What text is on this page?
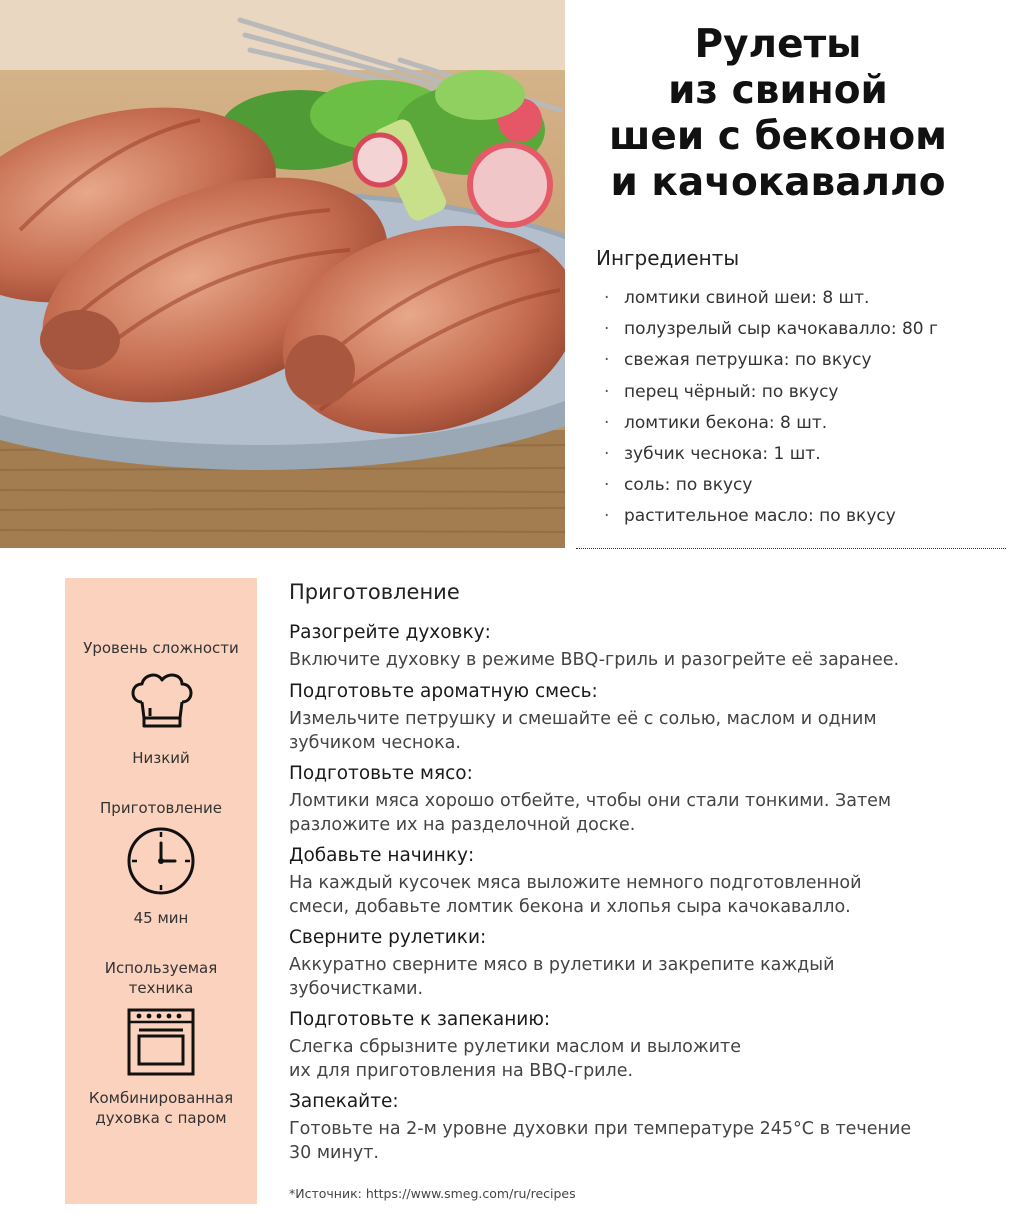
Рулеты
из свиной
шеи с беконом
и качокавалло
Ингредиенты
· ломтики свиной шеи: 8 шт.
· полузрелый сыр качокавалло: 80 г
· свежая петрушка: по вкусу
· перец чёрный: по вкусу
· ломтики бекона: 8 шт.
· зубчик чеснока: 1 шт.
· соль: по вкусу
· растительное масло: по вкусу
Уровень сложности
Низкий
Приготовление
45 мин
Используемая
техника
Комбинированная
духовка с паром
Приготовление
Разогрейте духовку:
Включите духовку в режиме BBQ-гриль и разогрейте её заранее.
Подготовьте ароматную смесь:
Измельчите петрушку и смешайте её с солью, маслом и одним
зубчиком чеснока.
Подготовьте мясо:
Ломтики мяса хорошо отбейте, чтобы они стали тонкими. Затем
разложите их на разделочной доске.
Добавьте начинку:
На каждый кусочек мяса выложите немного подготовленной
смеси, добавьте ломтик бекона и хлопья сыра качокавалло.
Сверните рулетики:
Аккуратно сверните мясо в рулетики и закрепите каждый
зубочистками.
Подготовьте к запеканию:
Слегка сбрызните рулетики маслом и выложите
их для приготовления на BBQ-гриле.
Запекайте:
Готовьте на 2-м уровне духовки при температуре 245°C в течение
30 минут.
*Источник: https://www.smeg.com/ru/recipes
